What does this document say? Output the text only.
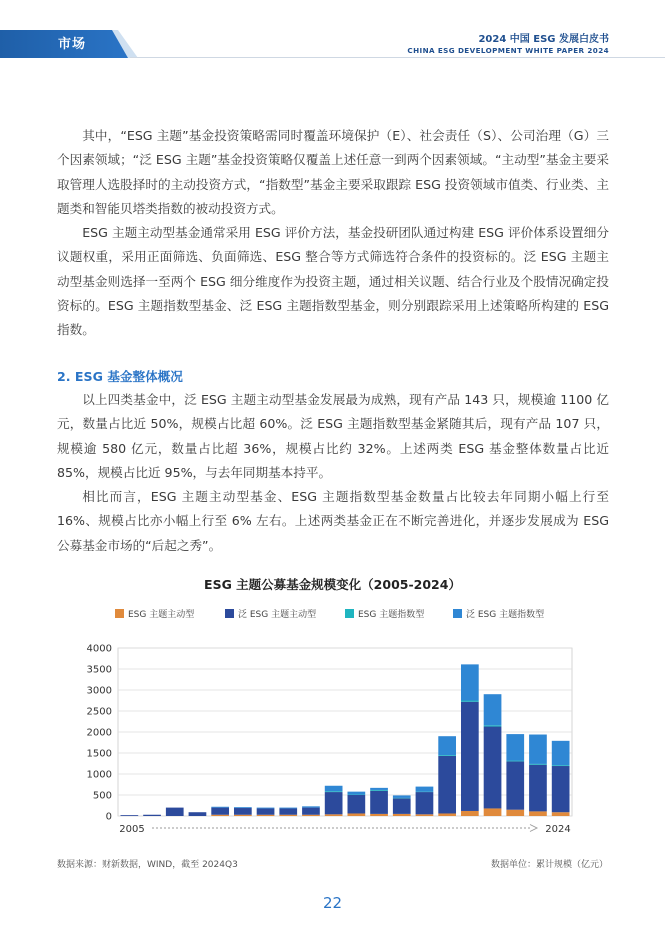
市场	2024 中国 ESG 发展白皮书
CHINA ESG DEVELOPMENT WHITE PAPER 2024

其中，“ESG 主题”基金投资策略需同时覆盖环境保护（E）、社会责任（S）、公司治理（G）三个因素领域；“泛 ESG 主题”基金投资策略仅覆盖上述任意一到两个因素领域。“主动型”基金主要采取管理人选股择时的主动投资方式，“指数型”基金主要采取跟踪 ESG 投资领域市值类、行业类、主题类和智能贝塔类指数的被动投资方式。

ESG 主题主动型基金通常采用 ESG 评价方法，基金投研团队通过构建 ESG 评价体系设置细分议题权重，采用正面筛选、负面筛选、ESG 整合等方式筛选符合条件的投资标的。泛 ESG 主题主动型基金则选择一至两个 ESG 细分维度作为投资主题，通过相关议题、结合行业及个股情况确定投资标的。ESG 主题指数型基金、泛 ESG 主题指数型基金，则分别跟踪采用上述策略所构建的 ESG 指数。

2. ESG 基金整体概况

以上四类基金中，泛 ESG 主题主动型基金发展最为成熟，现有产品 143 只，规模逾 1100 亿元，数量占比近 50%，规模占比超 60%。泛 ESG 主题指数型基金紧随其后，现有产品 107 只，规模逾 580 亿元，数量占比超 36%，规模占比约 32%。上述两类 ESG 基金整体数量占比近 85%，规模占比近 95%，与去年同期基本持平。

相比而言，ESG 主题主动型基金、ESG 主题指数型基金数量占比较去年同期小幅上行至 16%、规模占比亦小幅上行至 6% 左右。上述两类基金正在不断完善进化，并逐步发展成为 ESG 公募基金市场的“后起之秀”。

ESG 主题公募基金规模变化（2005-2024）
ESG 主题主动型	泛 ESG 主题主动型	ESG 主题指数型	泛 ESG 主题指数型
0
500
1000
1500
2000
2500
3000
3500
4000
2005	2024
数据来源：财新数据，WIND，截至 2024Q3	数据单位：累计规模（亿元）
22
